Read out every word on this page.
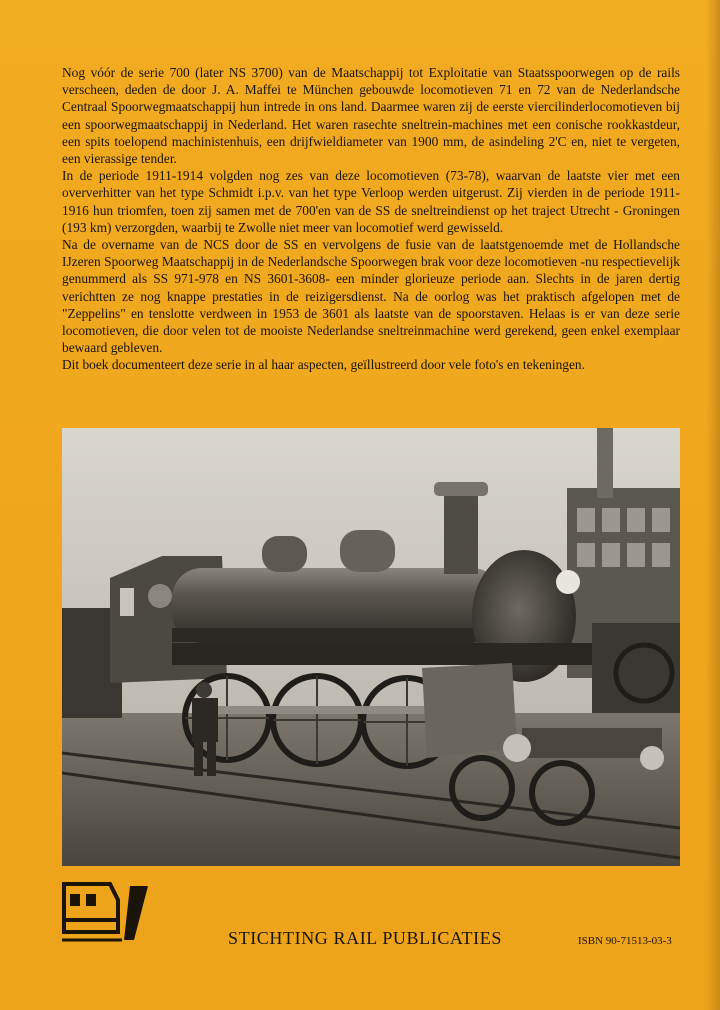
Nog vóór de serie 700 (later NS 3700) van de Maatschappij tot Exploitatie van Staatsspoorwegen op de rails verscheen, deden de door J. A. Maffei te München gebouwde locomotieven 71 en 72 van de Nederlandsche Centraal Spoorwegmaatschappij hun intrede in ons land. Daarmee waren zij de eerste viercilinderlocomotieven bij een spoorwegmaatschappij in Nederland. Het waren rasechte sneltrein-machines met een conische rookkastdeur, een spits toelopend machinistenhuis, een drijfwieldiameter van 1900 mm, de asindeling 2'C en, niet te vergeten, een vierassige tender.

In de periode 1911-1914 volgden nog zes van deze locomotieven (73-78), waarvan de laatste vier met een oververhitter van het type Schmidt i.p.v. van het type Verloop werden uitgerust. Zij vierden in de periode 1911-1916 hun triomfen, toen zij samen met de 700'en van de SS de sneltreindienst op het traject Utrecht - Groningen (193 km) verzorgden, waarbij te Zwolle niet meer van locomotief werd gewisseld.

Na de overname van de NCS door de SS en vervolgens de fusie van de laatstgenoemde met de Hollandsche IJzeren Spoorweg Maatschappij in de Nederlandsche Spoorwegen brak voor deze locomotieven -nu respectievelijk genummerd als SS 971-978 en NS 3601-3608- een minder glorieuze periode aan. Slechts in de jaren dertig verichtten ze nog knappe prestaties in de reizigersdienst. Na de oorlog was het praktisch afgelopen met de "Zeppelins" en tenslotte verdween in 1953 de 3601 als laatste van de spoorstaven. Helaas is er van deze serie locomotieven, die door velen tot de mooiste Nederlandse sneltreinmachine werd gerekend, geen enkel exemplaar bewaard gebleven.

Dit boek documenteert deze serie in al haar aspecten, geïllustreerd door vele foto's en tekeningen.

STICHTING RAIL PUBLICATIES	ISBN 90-71513-03-3
